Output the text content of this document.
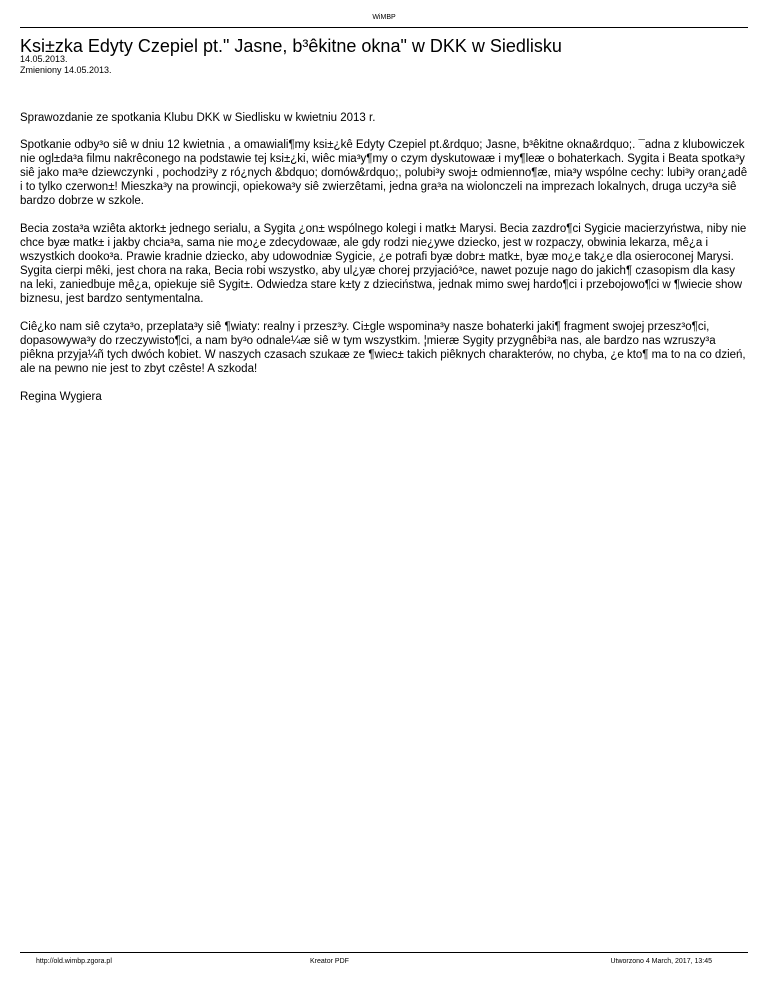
WiMBP
Ksi±zka Edyty Czepiel pt." Jasne, b³êkitne okna" w DKK w Siedlisku
14.05.2013.
Zmieniony 14.05.2013.

Sprawozdanie ze spotkania Klubu DKK w Siedlisku w kwietniu 2013 r.

Spotkanie odby³o siê w dniu 12 kwietnia , a omawiali¶my ksi±¿kê Edyty Czepiel pt.&rdquo; Jasne, b³êkitne okna&rdquo;. ¯adna z klubowiczek nie ogl±da³a filmu nakrêconego na podstawie tej ksi±¿ki, wiêc mia³y¶my o czym dyskutowaæ i my¶leæ o bohaterkach. Sygita i Beata spotka³y siê jako ma³e dziewczynki , pochodzi³y z ró¿nych &bdquo; domów&rdquo;, polubi³y swoj± odmienno¶æ, mia³y wspólne cechy: lubi³y oran¿adê i to tylko czerwon±! Mieszka³y na prowincji, opiekowa³y siê zwierzêtami, jedna gra³a na wiolonczeli na imprezach lokalnych, druga uczy³a siê bardzo dobrze w szkole.

Becia zosta³a wziêta aktork± jednego serialu, a Sygita ¿on± wspólnego kolegi i matk± Marysi. Becia zazdro¶ci Sygicie macierzyństwa, niby nie chce byæ matk± i jakby chcia³a, sama nie mo¿e zdecydowaæ, ale gdy rodzi nie¿ywe dziecko, jest w rozpaczy, obwinia lekarza, mê¿a i wszystkich dooko³a. Prawie kradnie dziecko, aby udowodniæ Sygicie, ¿e potrafi byæ dobr± matk±, byæ mo¿e tak¿e dla osieroconej Marysi. Sygita cierpi mêki, jest chora na raka, Becia robi wszystko, aby ul¿yæ chorej przyjació³ce, nawet pozuje nago do jakich¶ czasopism dla kasy na leki, zaniedbuje mê¿a, opiekuje siê Sygit±. Odwiedza stare k±ty z dzieciństwa, jednak mimo swej hardo¶ci i przebojowo¶ci w ¶wiecie show biznesu, jest bardzo sentymentalna.

Ciê¿ko nam siê czyta³o, przeplata³y siê ¶wiaty: realny i przesz³y. Ci±gle wspomina³y nasze bohaterki jaki¶ fragment swojej przesz³o¶ci, dopasowywa³y do rzeczywisto¶ci, a nam by³o odnale¼æ siê w tym wszystkim. ¦mieræ Sygity przygnêbi³a nas, ale bardzo nas wzruszy³a piêkna przyja¼ñ tych dwóch kobiet. W naszych czasach szukaæ ze ¶wiec± takich piêknych charakterów, no chyba, ¿e kto¶ ma to na co dzień, ale na pewno nie jest to zbyt czêste! A szkoda!

Regina Wygiera

http://old.wimbp.zgora.pl	Kreator PDF	Utworzono 4 March, 2017, 13:45
